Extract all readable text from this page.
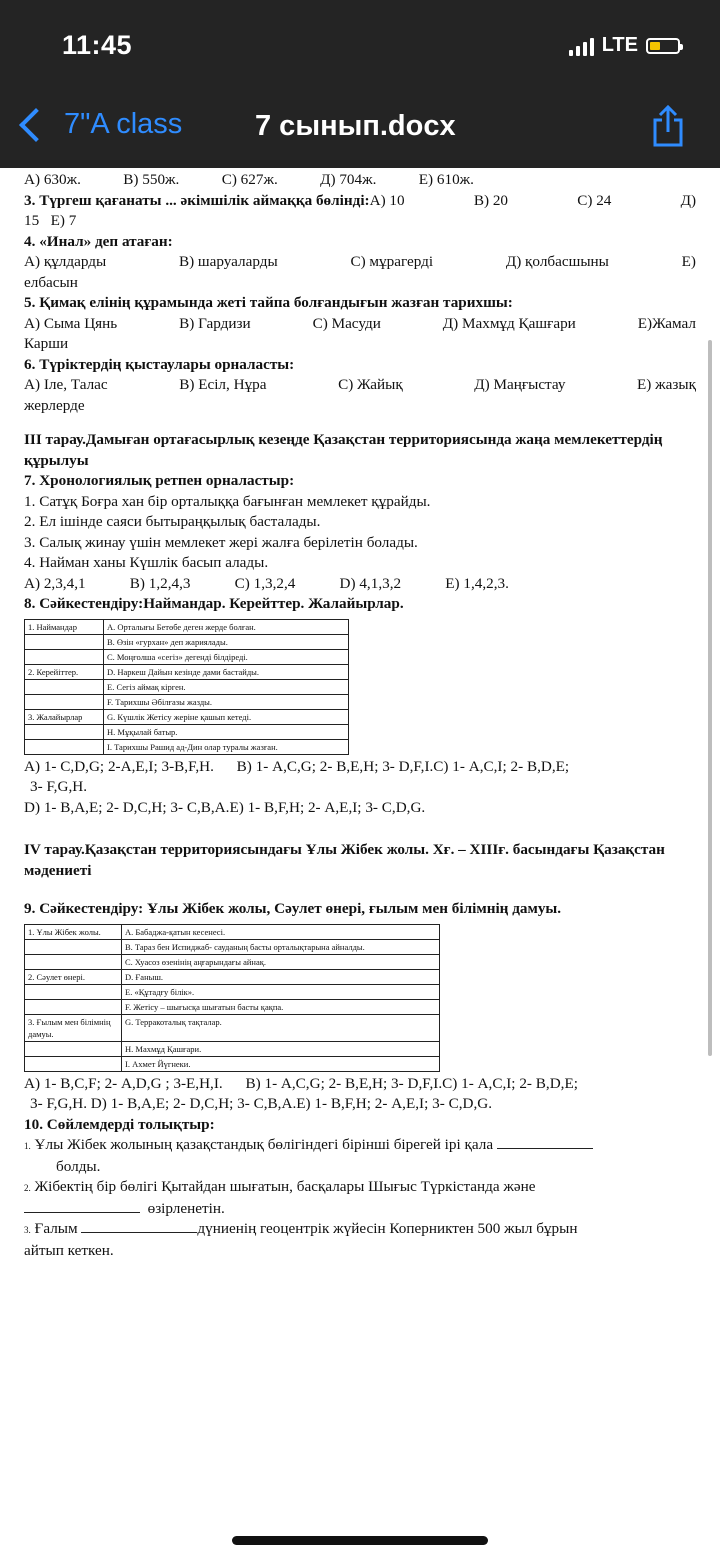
11:45	LTE
7"A class	7 сынып.docx

А) 630ж.	В) 550ж.	С) 627ж.	Д) 704ж.	Е) 610ж.

3. Түргеш қағанаты ... әкімшілік аймаққа бөлінді:А) 10	В) 20	С) 24	Д)

15 Е) 7

4. «Инал» деп атаған:

А) құлдарды	В) шаруаларды	С) мұрагерді	Д) қолбасшыны	Е)

елбасын

5. Қимақ елінің құрамында жеті тайпа болғандығын жазған тарихшы:

А) Сыма Цянь	В) Гардизи	С) Масуди	Д) Махмұд Қашғари	Е)Жамал

Карши

6. Түріктердің қыстаулары орналасты:

А) Іле, Талас	В) Есіл, Нұра	С) Жайық	Д) Маңғыстау	Е) жазық

жерлерде

ІІІ тарау.Дамыған ортағасырлық кезеңде Қазақстан территориясында жаңа мемлекеттердің құрылуы

7. Хронологиялық ретпен орналастыр:

1. Сатұқ Боғра хан бір орталыққа бағынған мемлекет құрайды.

2. Ел ішінде саяси бытыраңқылық басталады.

3. Салық жинау үшін мемлекет жері жалға берілетін болады.

4. Найман ханы Күшлік басып алады.

А) 2,3,4,1	В) 1,2,4,3	С) 1,3,2,4	D) 4,1,3,2	Е) 1,4,2,3.

8. Сәйкестендіру:Наймандар. Керейттер. Жалайырлар.

1. Наймандар	А. Орталығы Бетөбе деген жерде болған.
	В. Өзін «гурхан» деп жариялады.
	С. Моңғолша «сегіз» дегенді білдіреді.
2. Керейіттер.	D. Наркеш Дайын кезінде дами бастайды.
	Е. Сегіз аймақ кірген.
	F. Тарихшы Әбілғазы жазды.
3. Жалайырлар	G. Күшлік Жетісу жеріне қашып кетеді.
	Н. Мұқылай батыр.
	І. Тарихшы Рашид ад-Дин олар туралы жазған.

А) 1- С,D,G; 2-А,Е,І; 3-В,F,Н. В) 1- А,С,G; 2- В,Е,Н; 3- D,F,І.С) 1- А,С,І; 2- В,D,Е;

3- F,G,Н.

D) 1- В,А,Е; 2- D,С,Н; 3- С,В,А.Е) 1- В,F,Н; 2- А,Е,І; 3- С,D,G.

IV тарау.Қазақстан территориясындағы Ұлы Жібек жолы. Хғ. – ХІІІғ. басындағы Қазақстан мәдениеті

9. Сәйкестендіру: Ұлы Жібек жолы, Сәулет өнері, ғылым мен білімнің дамуы.

1. Ұлы Жібек жолы.	А. Бабаджа-қатын кесенесі.
	В. Тараз бен Испиджаб- сауданың басты орталықтарына айналды.
	С. Хуасоз өзенінің аңғарындағы айнақ.
2. Сәулет өнері.	D. Ғаныш.
	Е. «Құтадғу білік».
	F. Жетісу – шығысқа шығатын басты қақпа.
3. Ғылым мен білімнің дамуы.	G. Терракоталық тақталар.
	Н. Махмұд Қашғари.
	І. Ахмет Йүгнеки.

А) 1- В,С,F; 2- А,D,G ; 3-Е,Н,І. В) 1- А,С,G; 2- В,Е,Н; 3- D,F,І.С) 1- А,С,І; 2- В,D,Е;

3- F,G,Н. D) 1- В,А,Е; 2- D,С,Н; 3- С,В,А.Е) 1- В,F,Н; 2- А,Е,І; 3- С,D,G.

10. Сөйлемдерді толықтыр:

1. Ұлы Жібек жолының қазақстандық бөлігіндегі бірінші бірегей ірі қала

болды.

2. Жібектің бір бөлігі Қытайдан шығатын, басқалары Шығыс Түркістанда және

өзірленетін.

3. Ғалым	дүниенің геоцентрік жүйесін Коперниктен 500 жыл бұрын

айтып кеткен.
